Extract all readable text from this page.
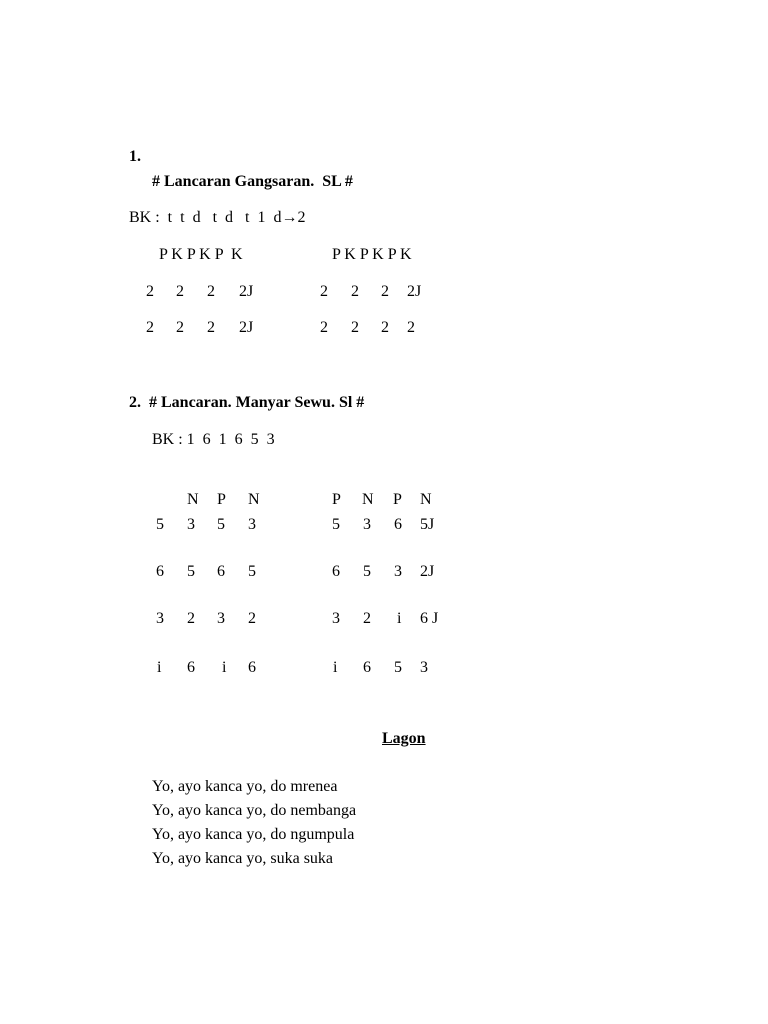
1.
# Lancaran Gangsaran.  SL #
BK :  t  t  d   t  d   t  1  d→2
P K P K P  K	P K P K P K
2 2 2 2J
2 2 2 2J
2 2 2 2J
2 2 2 2
2.  # Lancaran. Manyar Sewu. Sl #
BK : 1  6  1  6  5  3
N P N	P N P N
5 3 5 3
6 5 6 5
3 2 3 2
i 6 i 6
5 3 6 5J
6 5 3 2J
3 2 i 6 J
i 6 5 3
Lagon
Yo, ayo kanca yo, do mrenea
Yo, ayo kanca yo, do nembanga
Yo, ayo kanca yo, do ngumpula
Yo, ayo kanca yo, suka suka
